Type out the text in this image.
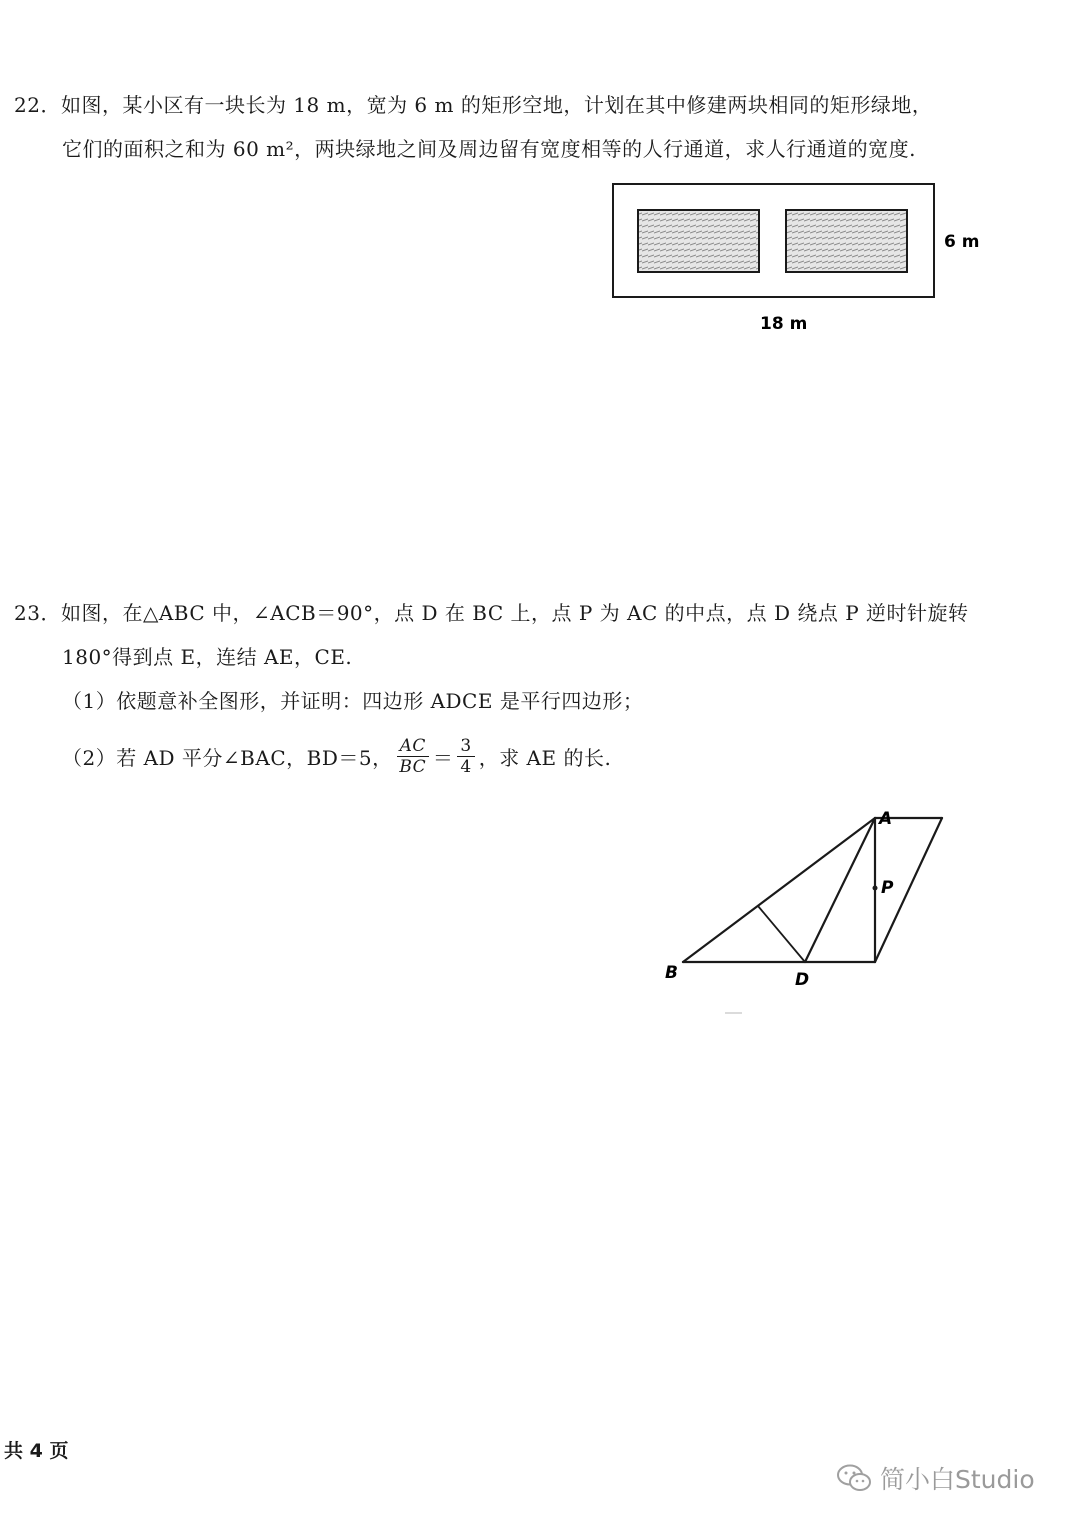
22．如图，某小区有一块长为 18 m，宽为 6 m 的矩形空地，计划在其中修建两块相同的矩形绿地，
它们的面积之和为 60 m²，两块绿地之间及周边留有宽度相等的人行通道，求人行通道的宽度.
6 m
18 m
23．如图，在△ABC 中，∠ACB＝90°，点 D 在 BC 上，点 P 为 AC 的中点，点 D 绕点 P 逆时针旋转
180°得到点 E，连结 AE，CE.
（1）依题意补全图形，并证明：四边形 ADCE 是平行四边形；
（2）若 AD 平分∠BAC，BD＝5， $\frac{AC}{BC} = \frac{3}{4}$ ，求 AE 的长.
A
B	D
P
共 4 页
简小白Studio
